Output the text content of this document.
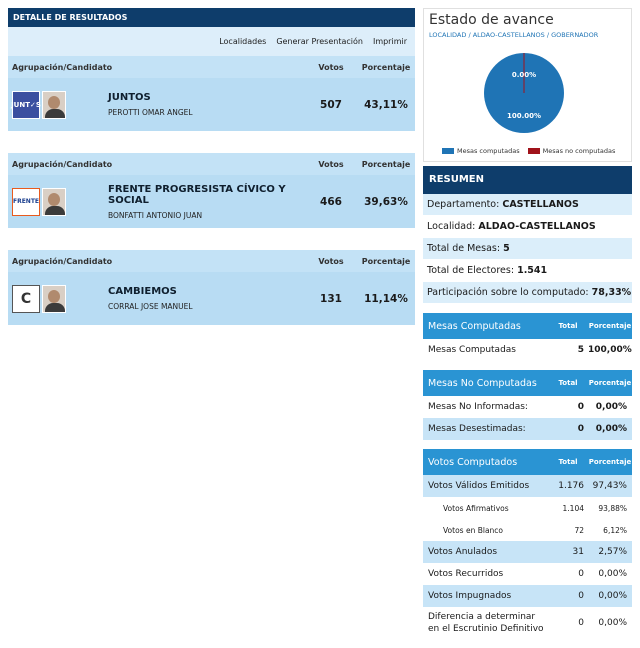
DETALLE DE RESULTADOS
Localidades Generar Presentación Imprimir
Agrupación/Candidato	Votos	Porcentaje
JUNT✓S
JUNTOS
PEROTTI OMAR ANGEL
507	43,11%
Agrupación/Candidato	Votos	Porcentaje
FRENTE
FRENTE PROGRESISTA CÍVICO Y SOCIAL
BONFATTI ANTONIO JUAN
466	39,63%
Agrupación/Candidato	Votos	Porcentaje
C	CAMBIEMOS
CORRAL JOSE MANUEL
131	11,14%
Estado de avance
LOCALIDAD / ALDAO-CASTELLANOS / GOBERNADOR
0.00%
100.00%
Mesas computadas	Mesas no computadas
RESUMEN
Departamento: CASTELLANOS
Localidad: ALDAO-CASTELLANOS
Total de Mesas: 5
Total de Electores: 1.541
Participación sobre lo computado: 78,33%
Mesas Computadas	Total	Porcentaje
Mesas Computadas	5 100,00%
Mesas No Computadas	Total	Porcentaje
Mesas No Informadas:	0	0,00%
Mesas Desestimadas:	0	0,00%
Votos Computados	Total	Porcentaje
Votos Válidos Emitidos	1.176 97,43%
Votos Afirmativos	1.104	93,88%
Votos en Blanco	72	6,12%
Votos Anulados	31	2,57%
Votos Recurridos	0	0,00%
Votos Impugnados	0	0,00%
Diferencia a determinar en el Escrutinio Definitivo
0	0,00%
